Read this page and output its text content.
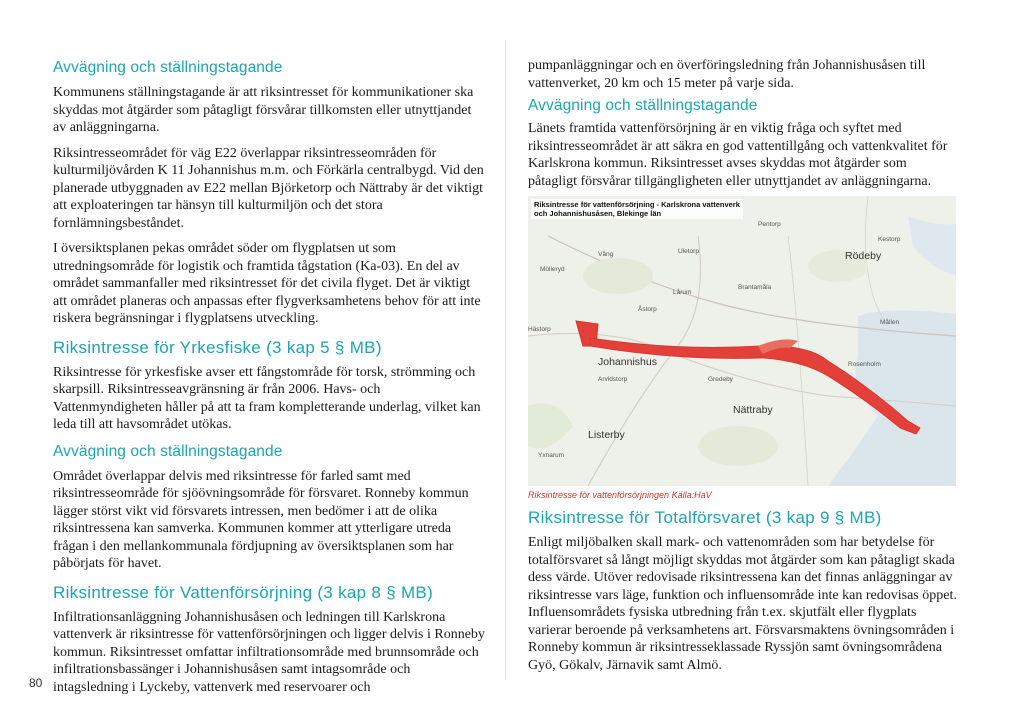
Avvägning och ställningstagande

Kommunens ställningstagande är att riksintresset för kommunikationer ska skyddas mot åtgärder som påtagligt försvårar tillkomsten eller utnyttjandet av anläggningarna.

Riksintresseområdet för väg E22 överlappar riksintresseområden för kulturmiljövården K 11 Johannishus m.m. och Förkärla centralbygd. Vid den planerade utbyggnaden av E22 mellan Björketorp och Nättraby är det viktigt att exploateringen tar hänsyn till kulturmiljön och det stora fornlämningsbeståndet.

I översiktsplanen pekas området söder om flygplatsen ut som utredningsområde för logistik och framtida tågstation (Ka-03). En del av området sammanfaller med riksintresset för det civila flyget. Det är viktigt att området planeras och anpassas efter flygverksamhetens behov för att inte riskera begränsningar i flygplatsens utveckling.

Riksintresse för Yrkesfiske (3 kap 5 § MB)

Riksintresse för yrkesfiske avser ett fångstområde för torsk, strömming och skarpsill. Riksintresseavgränsning är från 2006. Havs- och Vattenmyndigheten håller på att ta fram kompletterande underlag, vilket kan leda till att havsområdet utökas.

Avvägning och ställningstagande

Området överlappar delvis med riksintresse för farled samt med riksintresseområde för sjöövningsområde för försvaret. Ronneby kommun lägger störst vikt vid försvarets intressen, men bedömer i att de olika riksintressena kan samverka. Kommunen kommer att ytterligare utreda frågan i den mellankommunala fördjupning av översiktsplanen som har påbörjats för havet.

Riksintresse för Vattenförsörjning (3 kap 8 § MB)

Infiltrationsanläggning Johannishusåsen och ledningen till Karlskrona vattenverk är riksintresse för vattenförsörjningen och ligger delvis i Ronneby kommun. Riksintresset omfattar infiltrationsområde med brunnsområde och infiltrationsbassänger i Johannishusåsen samt intagsområde och intagsledning i Lyckeby, vattenverk med reservoarer och

pumpanläggningar och en överföringsledning från Johannishusåsen till vattenverket, 20 km och 15 meter på varje sida.

Avvägning och ställningstagande

Länets framtida vattenförsörjning är en viktig fråga och syftet med riksintresseområdet är att säkra en god vattentillgång och vattenkvalitet för Karlskrona kommun. Riksintresset avses skyddas mot åtgärder som påtagligt försvårar tillgängligheten eller utnyttjandet av anläggningarna.

Riksintresse för vattenförsörjning - Karlskrona vattenverk
och Johannishusåsen, Blekinge län
Vång	Uletorp
Mölleryd
Lårum
Åstorp
Brantamåla
Pentorp
Kestorp
Rödeby
Mållen
Hästorp
Johannishus
Arvidstorp	Gredeby
Rosenholm
Nättraby
Listerby
Yxnarum
Riksintresse för vattenförsörjningen Källa:HaV
Riksintresse för Totalförsvaret (3 kap 9 § MB)

Enligt miljöbalken skall mark- och vattenområden som har betydelse för totalförsvaret så långt möjligt skyddas mot åtgärder som kan påtagligt skada dess värde. Utöver redovisade riksintressena kan det finnas anläggningar av riksintresse vars läge, funktion och influensområde inte kan redovisas öppet. Influensområdets fysiska utbredning från t.ex. skjutfält eller flygplats varierar beroende på verksamhetens art. Försvarsmaktens övningsområden i Ronneby kommun är riksintresseklassade Ryssjön samt övningsområdena Gyö, Gökalv, Järnavik samt Almö.

80
